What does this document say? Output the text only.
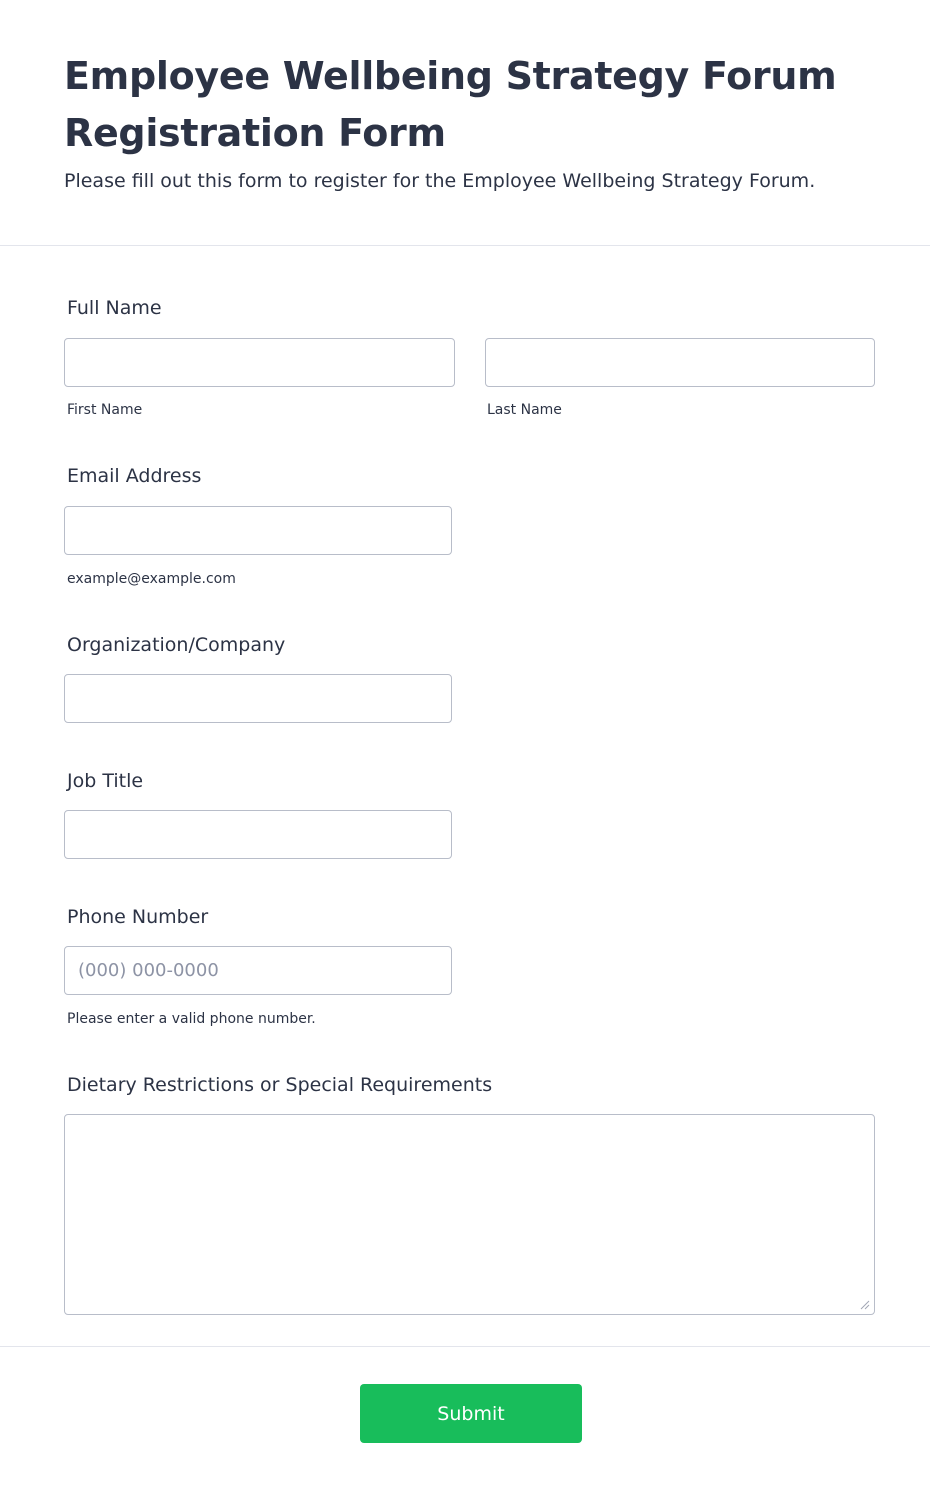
Employee Wellbeing Strategy Forum Registration Form

Please fill out this form to register for the Employee Wellbeing Strategy Forum.

Full Name
First Name	Last Name
Email Address
example@example.com
Organization/Company
Job Title
Phone Number
(000) 000-0000
Please enter a valid phone number.
Dietary Restrictions or Special Requirements
Submit
